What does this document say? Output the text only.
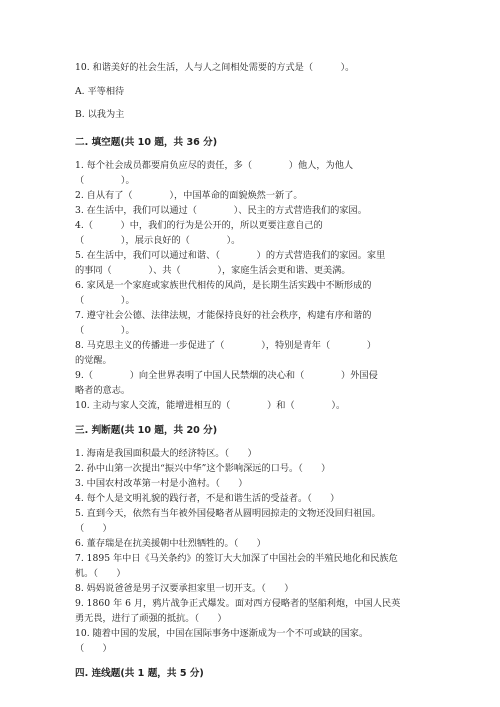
10. 和谐美好的社会生活，人与人之间相处需要的方式是（　　　）。
A. 平等相待
B. 以我为主
二. 填空题(共 10 题，共 36 分)
1. 每个社会成员都要肩负应尽的责任，多（　　　　）他人，为他人
（　　　　）。
2. 自从有了（　　　　），中国革命的面貌焕然一新了。
3. 在生活中，我们可以通过（　　　　）、民主的方式营造我们的家园。
4.（　　　）中，我们的行为是公开的，所以更要注意自己的
（　　　　），展示良好的（　　　　）。
5. 在生活中，我们可以通过和谐、（　　　　）的方式营造我们的家园。家里
的事同（　　　　）、共（　　　　），家庭生活会更和谐、更美满。
6. 家风是一个家庭或家族世代相传的风尚，是长期生活实践中不断形成的
（　　　　）。
7. 遵守社会公德、法律法规，才能保持良好的社会秩序，构建有序和谐的
（　　　　）。
8. 马克思主义的传播进一步促进了（　　　　），特别是青年（　　　　）
的觉醒。
9.（　　　　）向全世界表明了中国人民禁烟的决心和（　　　　）外国侵
略者的意志。
10. 主动与家人交流，能增进相互的（　　　　）和（　　　　）。
三. 判断题(共 10 题，共 20 分)
1. 海南是我国面积最大的经济特区。（　　）
2. 孙中山第一次提出“振兴中华”这个影响深远的口号。（　　）
3. 中国农村改革第一村是小渔村。（　　）
4. 每个人是文明礼貌的践行者，不是和谐生活的受益者。（　　）
5. 直到今天，依然有当年被外国侵略者从圆明园掠走的文物还没回归祖国。
（　　）
6. 董存瑞是在抗美援朝中壮烈牺牲的。（　　）
7. 1895 年中日《马关条约》的签订大大加深了中国社会的半殖民地化和民族危
机。（　　）
8. 妈妈说爸爸是男子汉要承担家里一切开支。（　　）
9. 1860 年 6 月，鸦片战争正式爆发。面对西方侵略者的坚船利炮，中国人民英
勇无畏，进行了顽强的抵抗。（　　）
10. 随着中国的发展，中国在国际事务中逐渐成为一个不可或缺的国家。
（　　）
四. 连线题(共 1 题，共 5 分)
